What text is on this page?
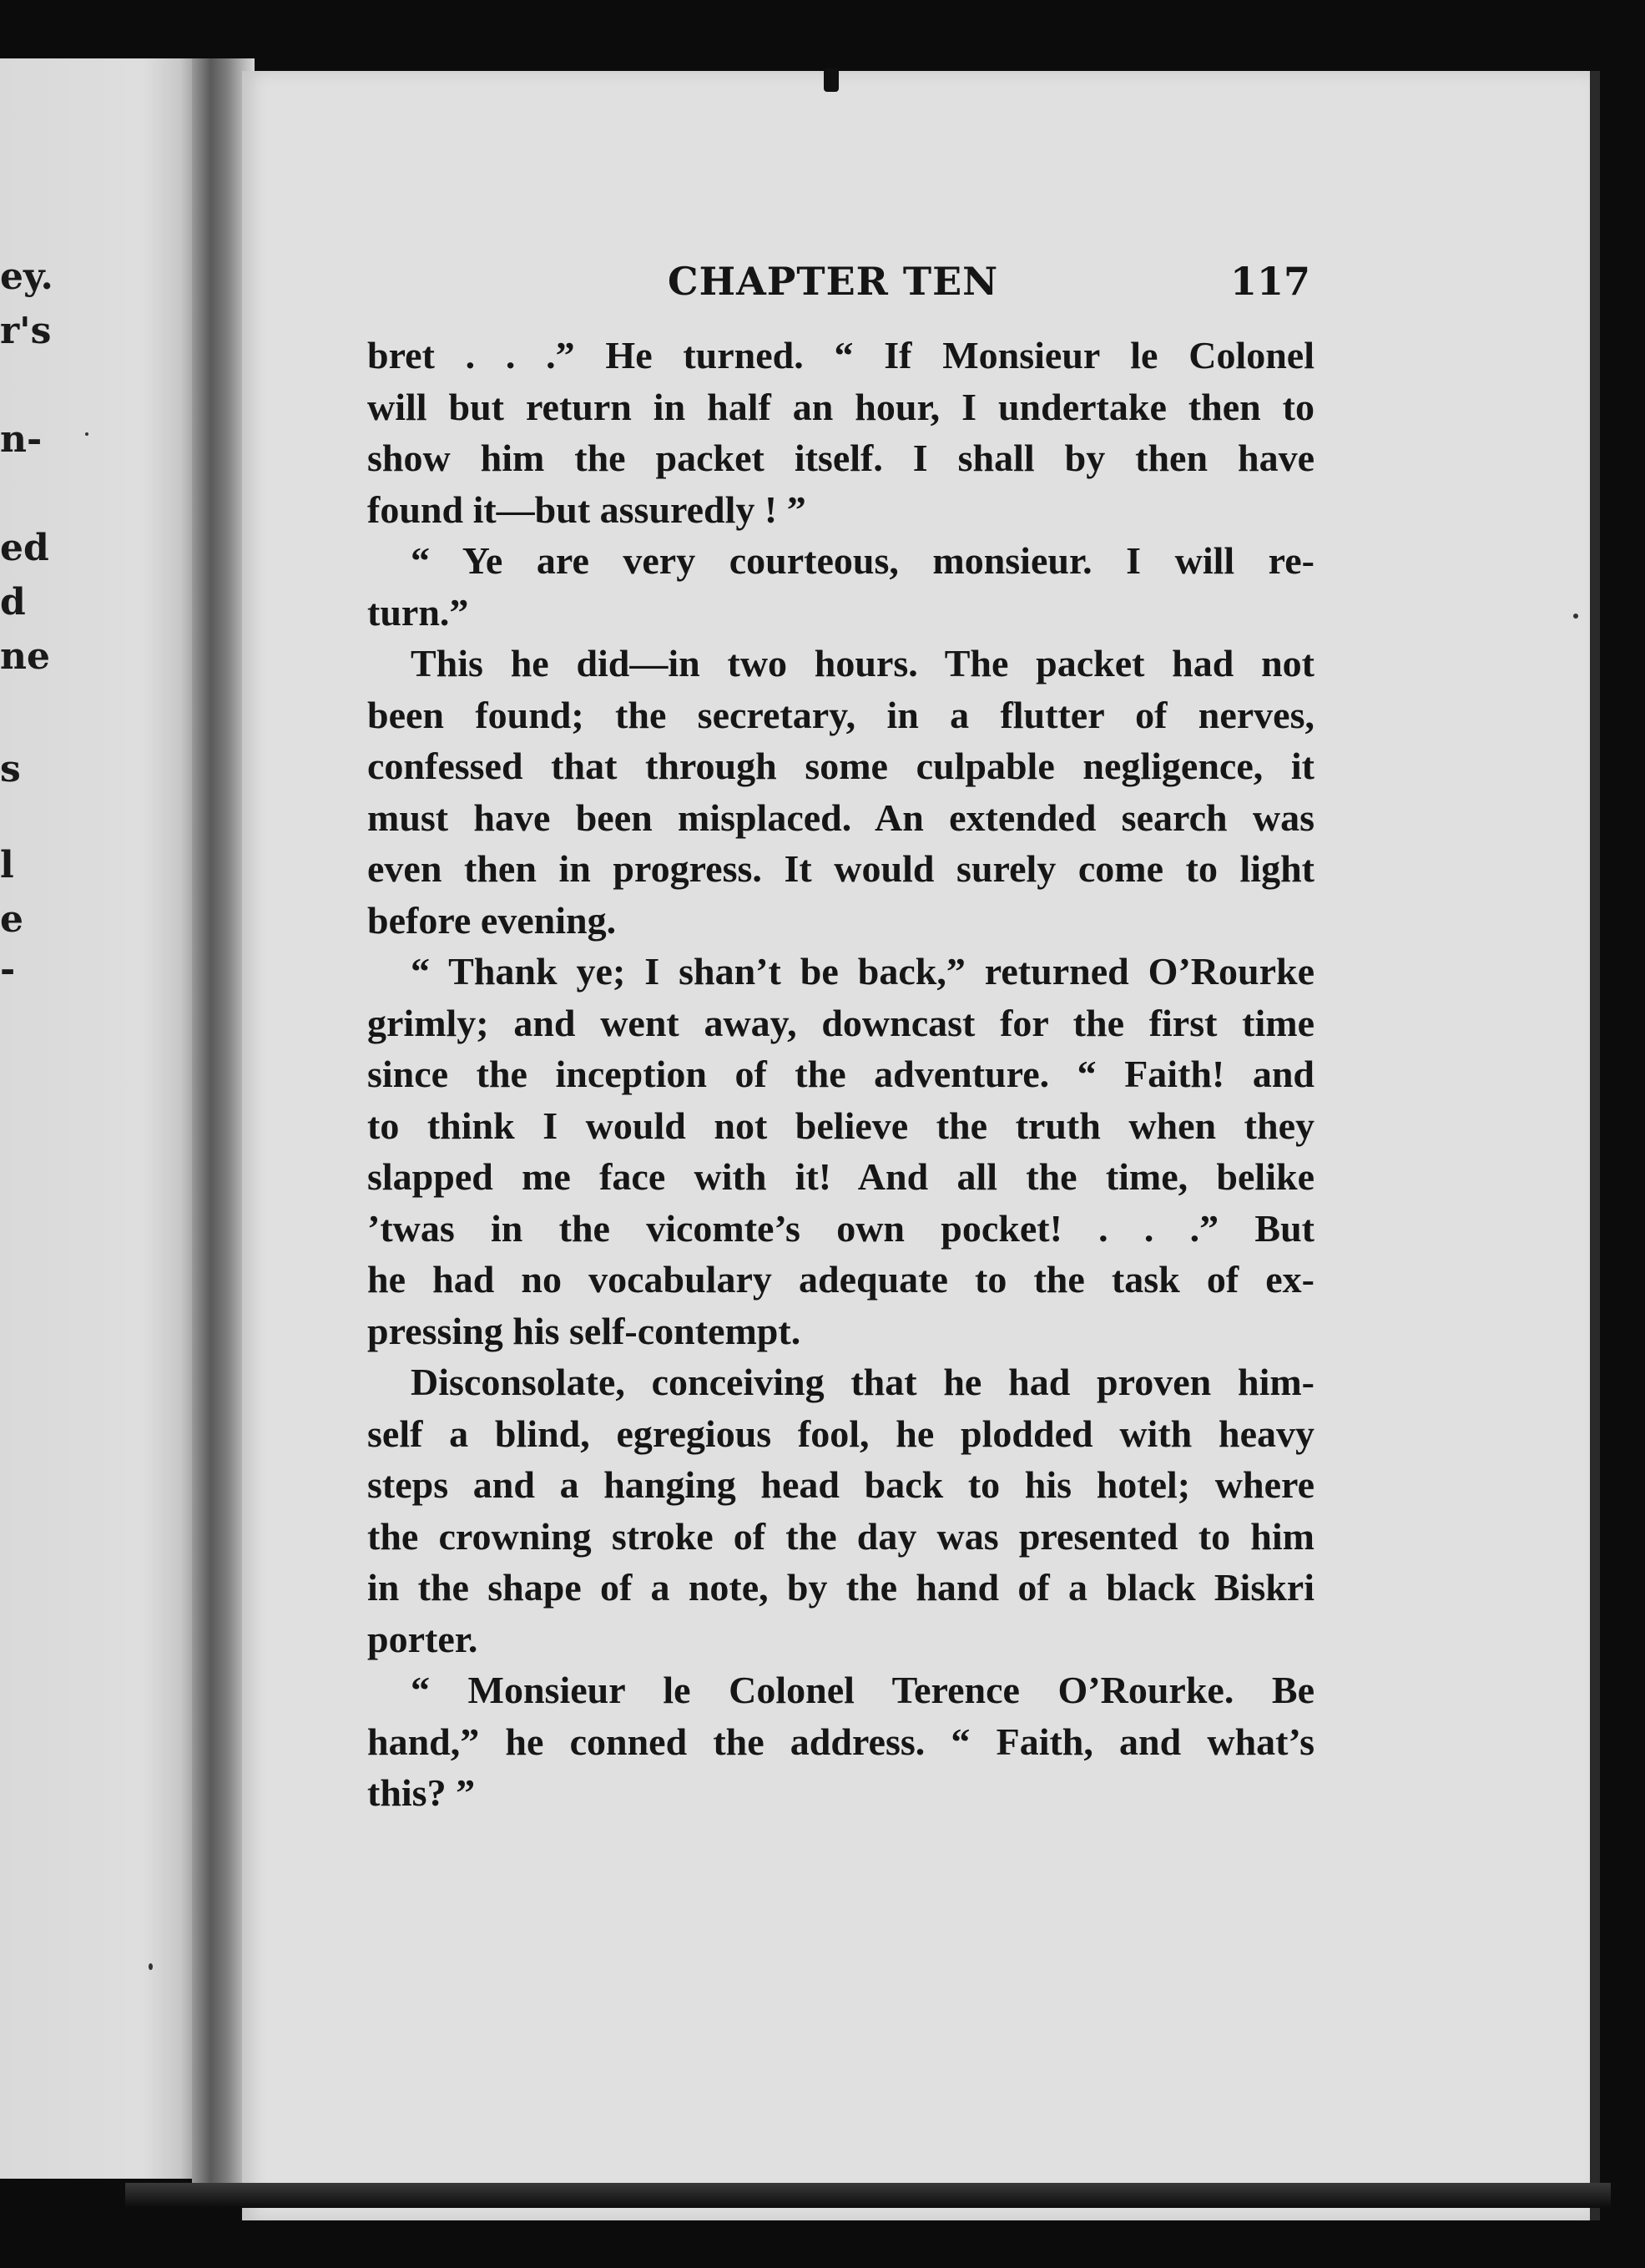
ey.
r's
n-
ed
d
ne
s
l
e
-
CHAPTER TEN	117
bret . . .” He turned. “ If Monsieur le Colonel
will but return in half an hour, I undertake then to
show him the packet itself. I shall by then have
found it—but assuredly ! ”
“ Ye are very courteous, monsieur. I will re-
turn.”
This he did—in two hours. The packet had not
been found; the secretary, in a flutter of nerves,
confessed that through some culpable negligence, it
must have been misplaced. An extended search was
even then in progress. It would surely come to light
before evening.
“ Thank ye; I shan’t be back,” returned O’Rourke
grimly; and went away, downcast for the first time
since the inception of the adventure. “ Faith! and
to think I would not believe the truth when they
slapped me face with it! And all the time, belike
’twas in the vicomte’s own pocket! . . .” But
he had no vocabulary adequate to the task of ex-
pressing his self-contempt.
Disconsolate, conceiving that he had proven him-
self a blind, egregious fool, he plodded with heavy
steps and a hanging head back to his hotel; where
the crowning stroke of the day was presented to him
in the shape of a note, by the hand of a black Biskri
porter.
“ Monsieur le Colonel Terence O’Rourke. Be
hand,” he conned the address. “ Faith, and what’s
this? ”
